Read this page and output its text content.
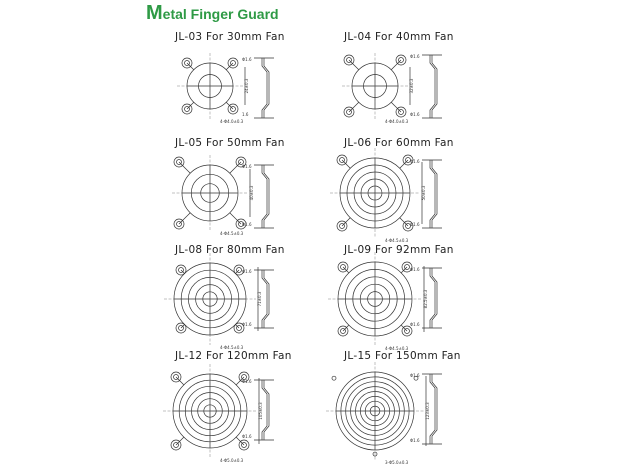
Metal Finger Guard
JL-03 For 30mm Fan	JL-04 For 40mm Fan
JL-05 For 50mm Fan	JL-06 For 60mm Fan
JL-08 For 80mm Fan	JL-09 For 92mm Fan
JL-12 For 120mm Fan	JL-15 For 150mm Fan
24±0.3
4-Φ4.0±0.3
Φ1.6
1.6
32±0.3
4-Φ4.0±0.3
Φ1.6
Φ1.6
40±0.3
4-Φ4.5±0.3
Φ1.6
Φ1.6
50±0.3
4-Φ4.5±0.3
Φ1.6
Φ1.6
71±0.3
4-Φ4.5±0.3
Φ1.6
Φ1.6
82.5±0.3
4-Φ4.5±0.3
Φ1.6
Φ1.6
105±0.3
4-Φ5.0±0.3
Φ1.6
Φ1.6
123±0.3
3-Φ5.0±0.3
Φ1.6
Φ1.6
